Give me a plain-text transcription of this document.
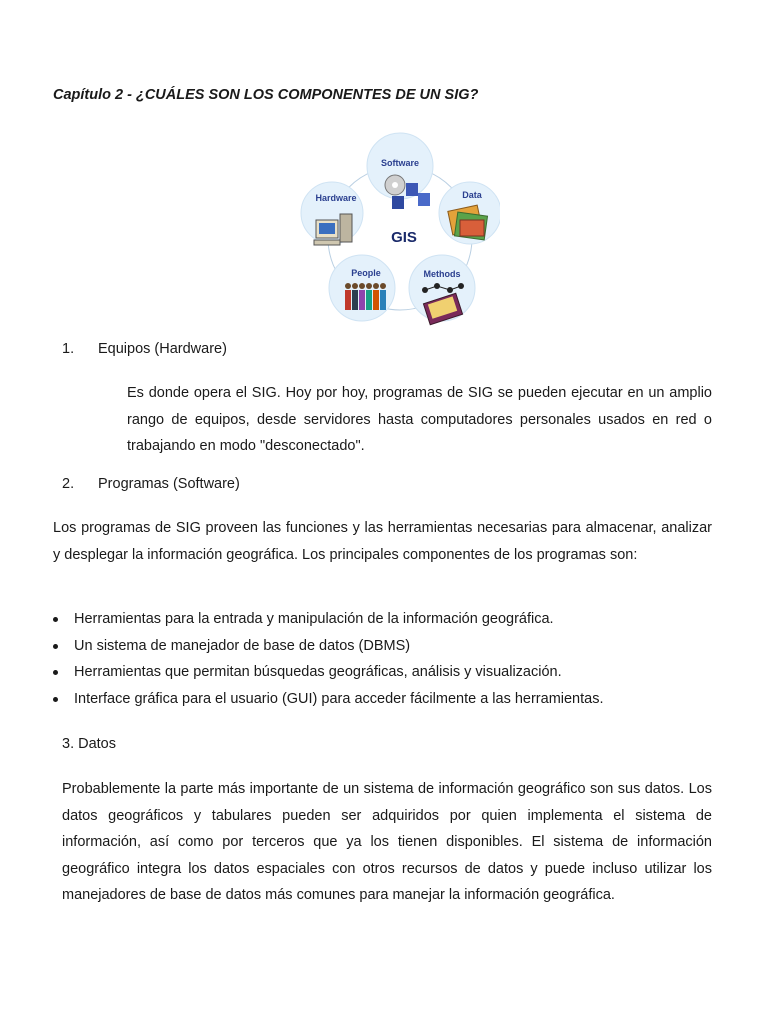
Capítulo 2 - ¿CUÁLES SON LOS COMPONENTES DE UN SIG?
Software
Data
Methods
People
Hardware
GIS
1. Equipos (Hardware)

Es donde opera el SIG. Hoy por hoy, programas de SIG se pueden ejecutar en un amplio rango de equipos, desde servidores hasta computadores personales usados en red o trabajando en modo "desconectado".

2. Programas (Software)

Los programas de SIG proveen las funciones y las herramientas necesarias para almacenar, analizar y desplegar la información geográfica. Los principales componentes de los programas son:

Herramientas para la entrada y manipulación de la información geográfica.
Un sistema de manejador de base de datos (DBMS)
Herramientas que permitan búsquedas geográficas, análisis y visualización.
Interface gráfica para el usuario (GUI) para acceder fácilmente a las herramientas.
3. Datos

Probablemente la parte más importante de un sistema de información geográfico son sus datos. Los datos geográficos y tabulares pueden ser adquiridos por quien implementa el sistema de información, así como por terceros que ya los tienen disponibles. El sistema de información geográfico integra los datos espaciales con otros recursos de datos y puede incluso utilizar los manejadores de base de datos más comunes para manejar la información geográfica.
